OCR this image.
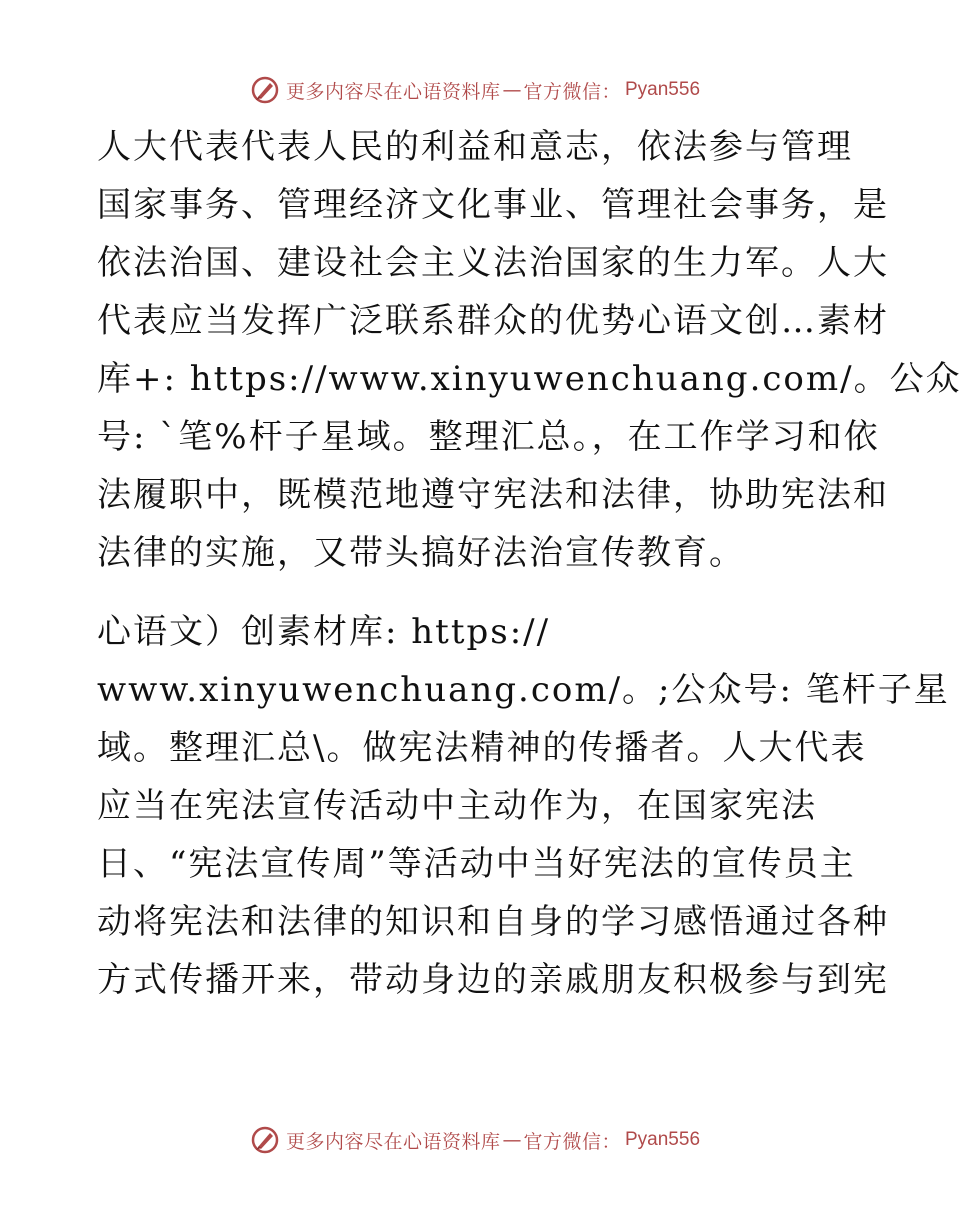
更多内容尽在心语资料库 — 官方微信： Pyan556
人大代表代表人民的利益和意志，依法参与管理
国家事务、管理经济文化事业、管理社会事务，是
依法治国、建设社会主义法治国家的生力军。人大
代表应当发挥广泛联系群众的优势心语文创…素材
库+: https://www.xinyuwenchuang.com/。公众
号: `笔%杆子星域。整理汇总。，在工作学习和依
法履职中，既模范地遵守宪法和法律，协助宪法和
法律的实施，又带头搞好法治宣传教育。
心语文）创素材库: https://
www.xinyuwenchuang.com/。;公众号: 笔杆子星
域。整理汇总\。做宪法精神的传播者。人大代表
应当在宪法宣传活动中主动作为，在国家宪法
日、“宪法宣传周”等活动中当好宪法的宣传员主
动将宪法和法律的知识和自身的学习感悟通过各种
方式传播开来，带动身边的亲戚朋友积极参与到宪
更多内容尽在心语资料库 — 官方微信： Pyan556
